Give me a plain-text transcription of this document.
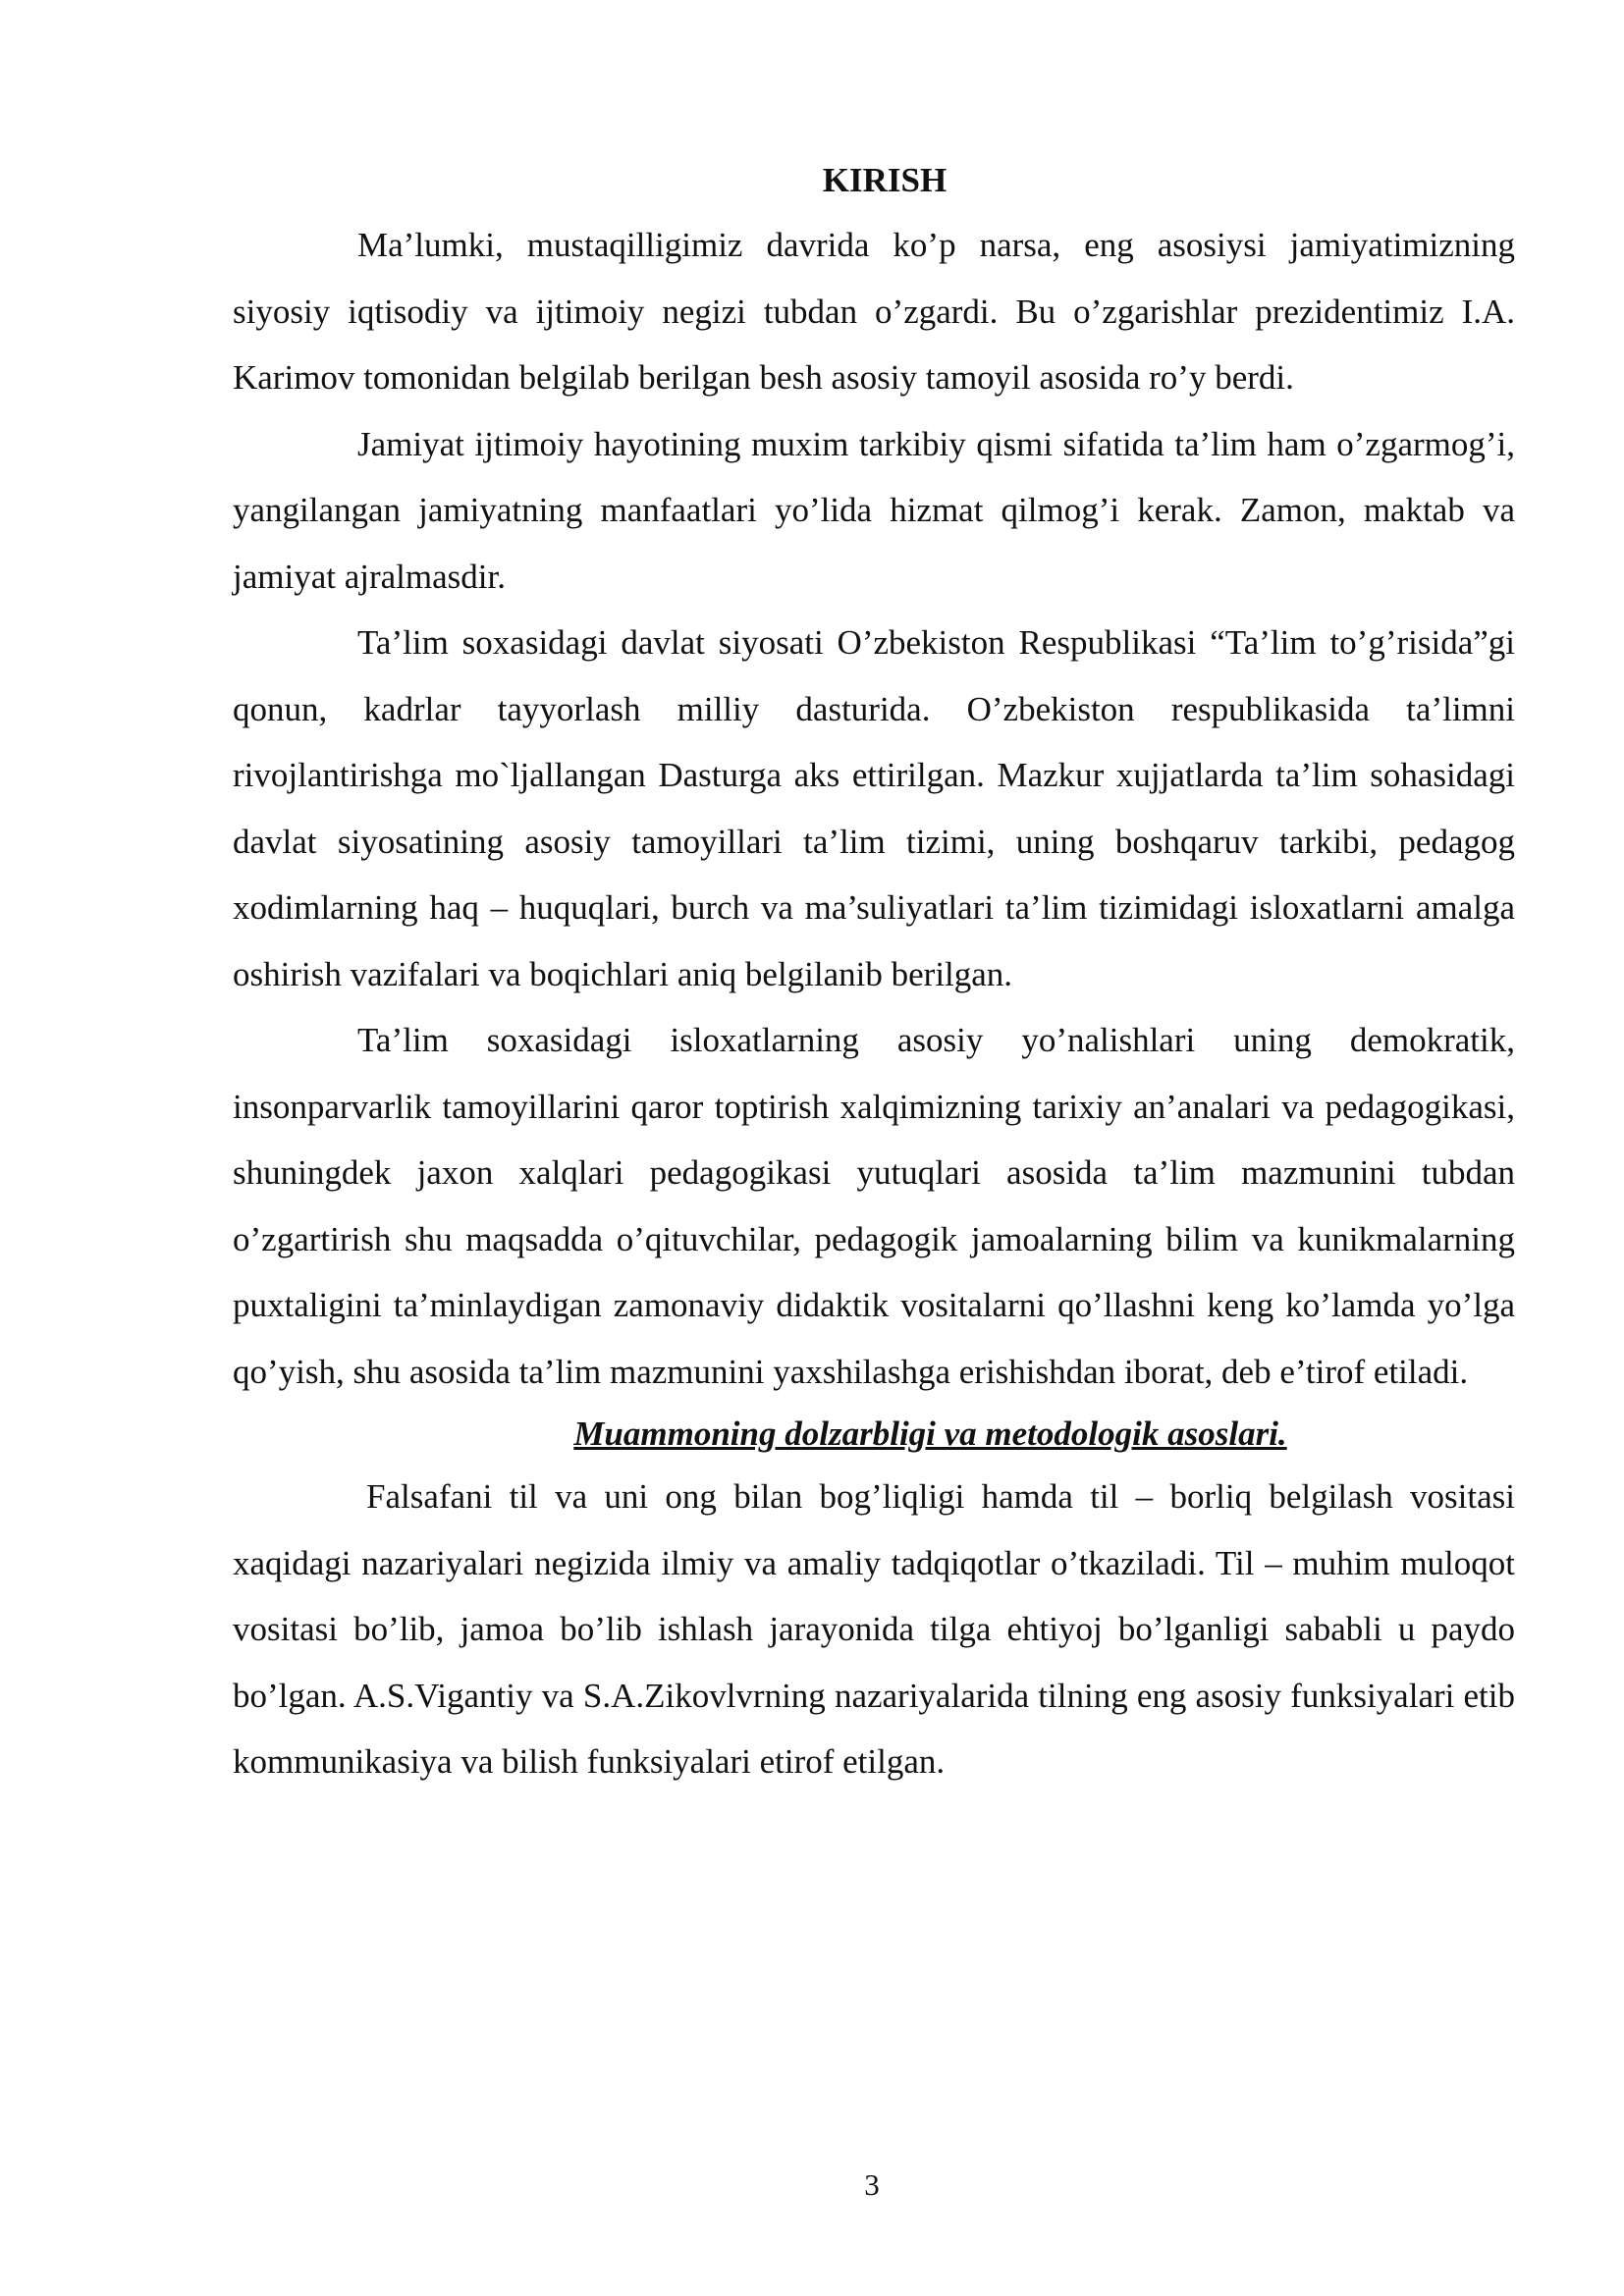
KIRISH

Ma’lumki, mustaqilligimiz davrida ko’p narsa, eng asosiysi jamiyatimizning siyosiy iqtisodiy va ijtimoiy negizi tubdan o’zgardi. Bu o’zgarishlar prezidentimiz I.A. Karimov tomonidan belgilab berilgan besh asosiy tamoyil asosida ro’y berdi.

Jamiyat ijtimoiy hayotining muxim tarkibiy qismi sifatida ta’lim ham o’zgarmog’i, yangilangan jamiyatning manfaatlari yo’lida hizmat qilmog’i kerak. Zamon, maktab va jamiyat ajralmasdir.

Ta’lim soxasidagi davlat siyosati O’zbekiston Respublikasi “Ta’lim to’g’risida”gi qonun, kadrlar tayyorlash milliy dasturida. O’zbekiston respublikasida ta’limni rivojlantirishga mo`ljallangan Dasturga aks ettirilgan. Mazkur xujjatlarda ta’lim sohasidagi davlat siyosatining asosiy tamoyillari ta’lim tizimi, uning boshqaruv tarkibi, pedagog xodimlarning haq – huquqlari, burch va ma’suliyatlari ta’lim tizimidagi isloxatlarni amalga oshirish vazifalari va boqichlari aniq belgilanib berilgan.

Ta’lim soxasidagi isloxatlarning asosiy yo’nalishlari uning demokratik, insonparvarlik tamoyillarini qaror toptirish xalqimizning tarixiy an’analari va pedagogikasi, shuningdek jaxon xalqlari pedagogikasi yutuqlari asosida ta’lim mazmunini tubdan o’zgartirish shu maqsadda o’qituvchilar, pedagogik jamoalarning bilim va kunikmalarning puxtaligini ta’minlaydigan zamonaviy didaktik vositalarni qo’llashni keng ko’lamda yo’lga qo’yish, shu asosida ta’lim mazmunini yaxshilashga erishishdan iborat, deb e’tirof etiladi.

Muammoning dolzarbligi va metodologik asoslari.

Falsafani til va uni ong bilan bog’liqligi hamda til – borliq belgilash vositasi xaqidagi nazariyalari negizida ilmiy va amaliy tadqiqotlar o’tkaziladi. Til – muhim muloqot vositasi bo’lib, jamoa bo’lib ishlash jarayonida tilga ehtiyoj bo’lganligi sababli u paydo bo’lgan. A.S.Vigantiy va S.A.Zikovlvrning nazariyalarida tilning eng asosiy funksiyalari etib kommunikasiya va bilish funksiyalari etirof etilgan.

3
